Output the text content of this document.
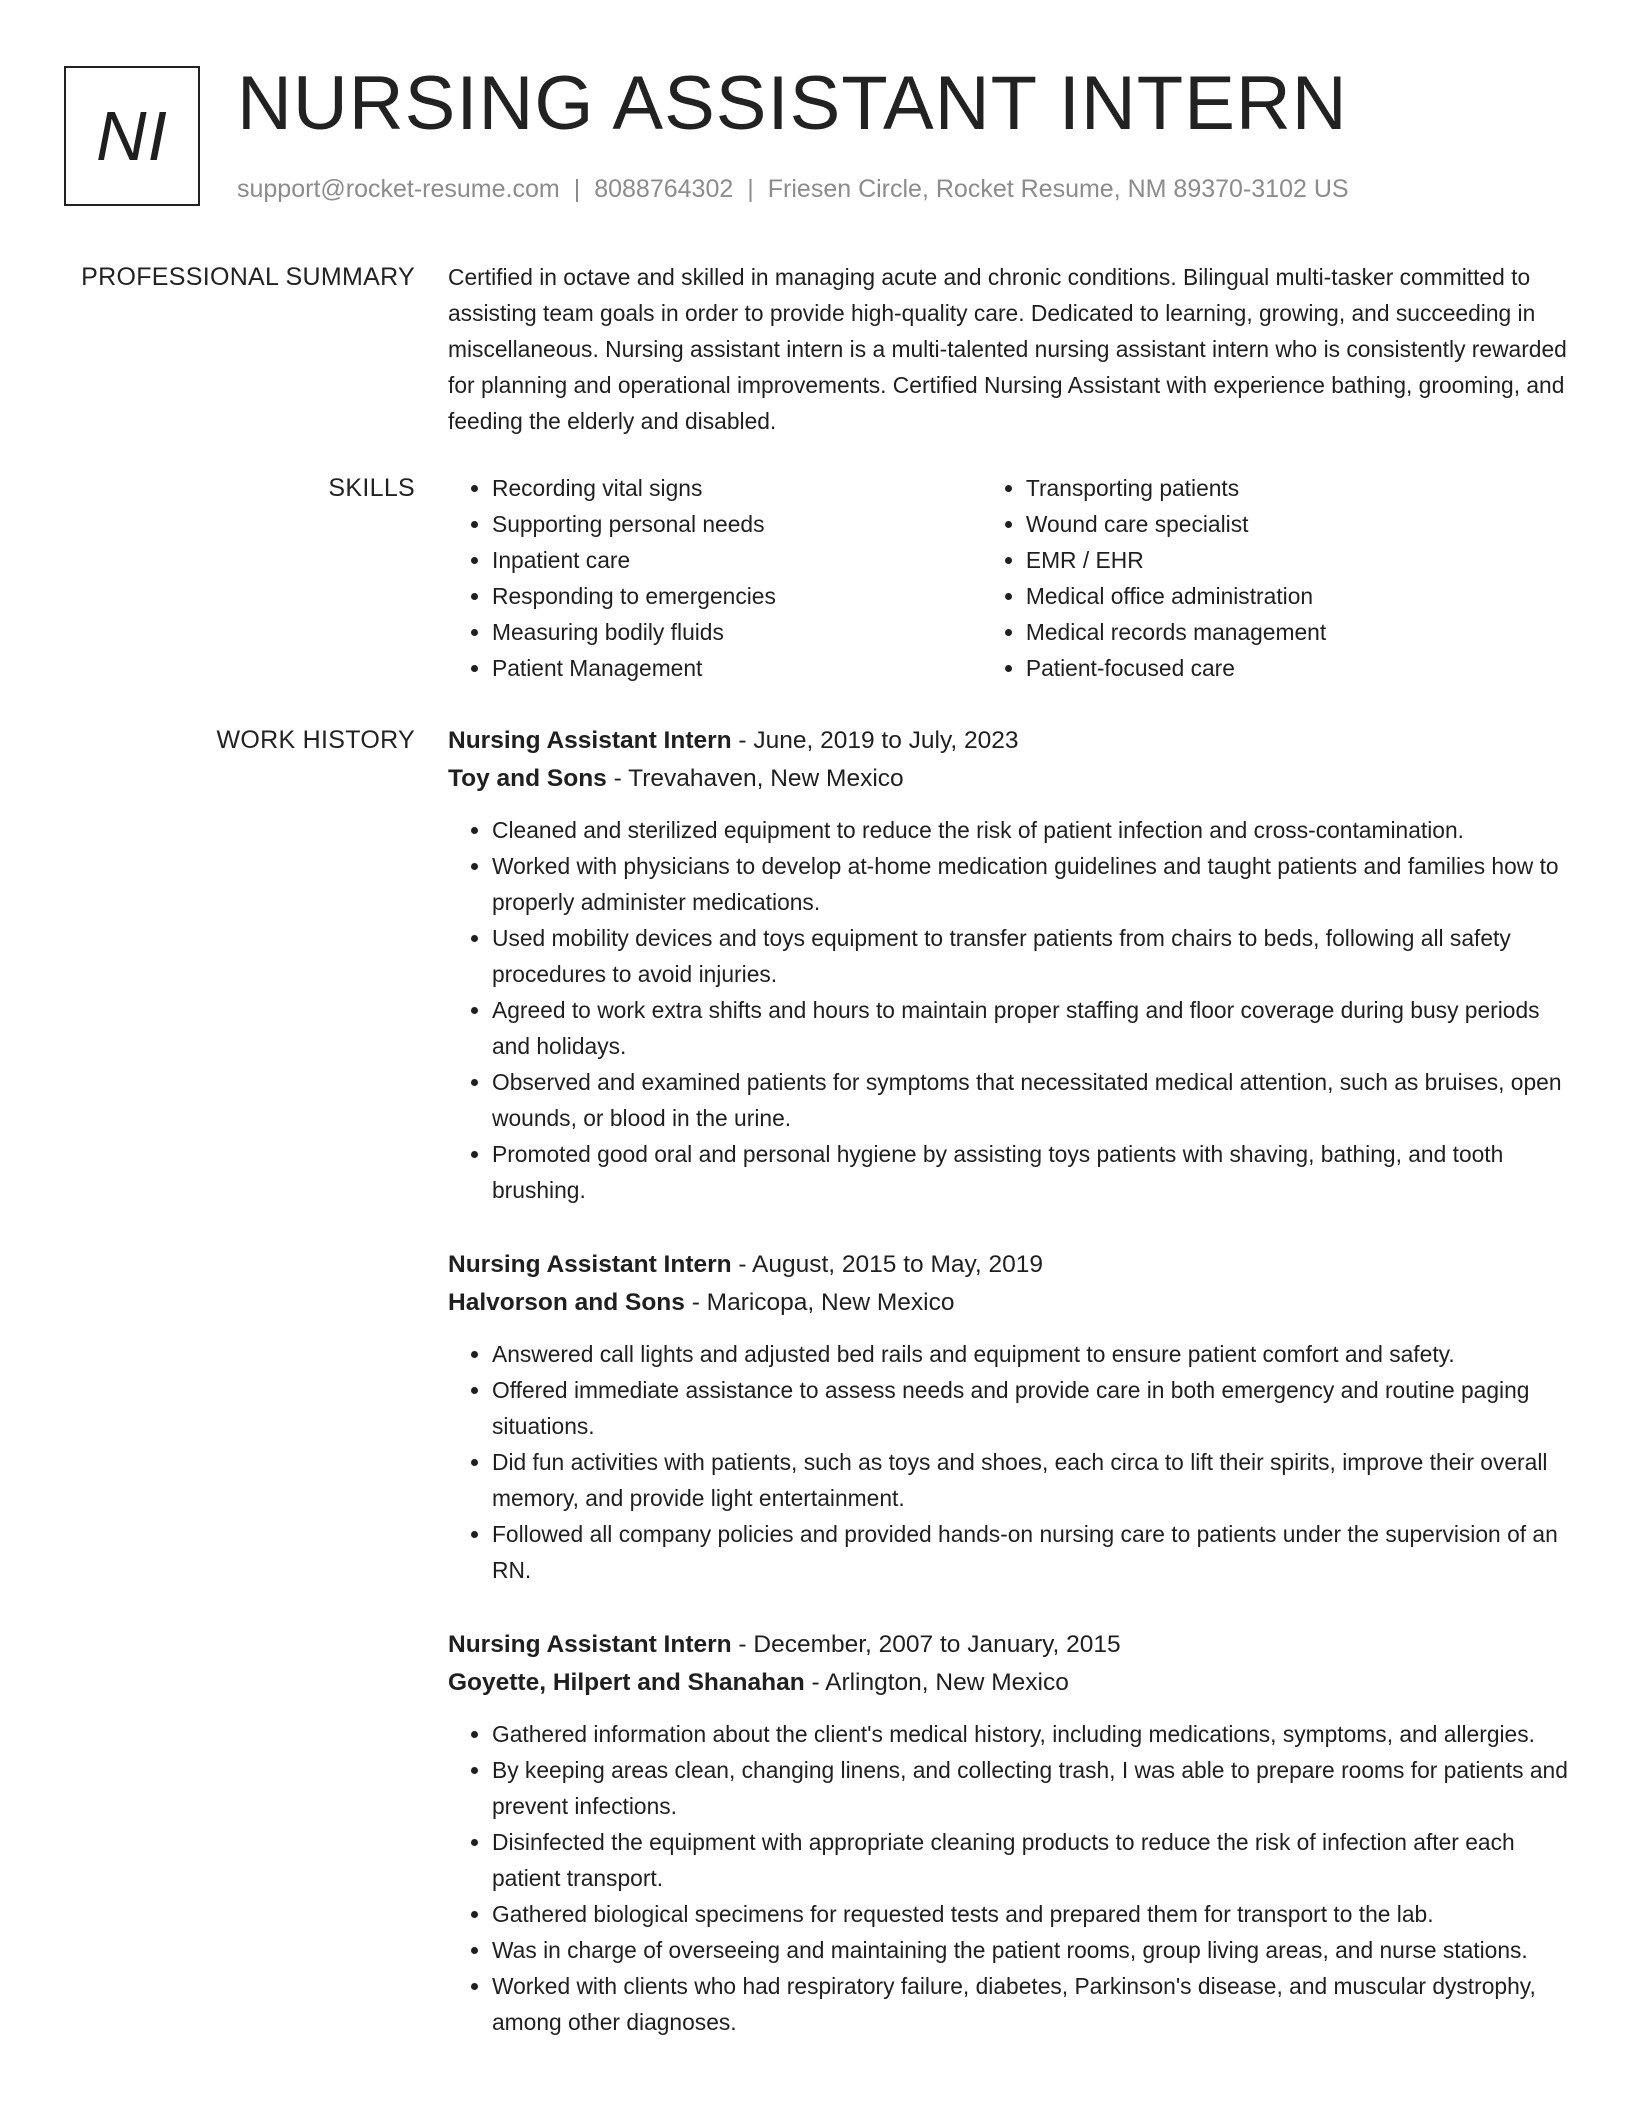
NI NURSING ASSISTANT INTERN
support@rocket-resume.com | 8088764302 | Friesen Circle, Rocket Resume, NM 89370-3102 US
PROFESSIONAL SUMMARY Certified in octave and skilled in managing acute and chronic conditions. Bilingual multi-tasker committed to assisting team goals in order to provide high-quality care. Dedicated to learning, growing, and succeeding in miscellaneous. Nursing assistant intern is a multi-talented nursing assistant intern who is consistently rewarded for planning and operational improvements. Certified Nursing Assistant with experience bathing, grooming, and feeding the elderly and disabled.

SKILLS
•	Recording vital signs
• Supporting personal needs
• Inpatient care
• Responding to emergencies
• Measuring bodily fluids
• Patient Management
• Transporting patients
• Wound care specialist
• EMR / EHR
• Medical office administration
• Medical records management
• Patient-focused care
WORK HISTORY Nursing Assistant Intern - June, 2019 to July, 2023
Toy and Sons - Trevahaven, New Mexico
• Cleaned and sterilized equipment to reduce the risk of patient infection and cross-contamination.
• Worked with physicians to develop at-home medication guidelines and taught patients and families how to properly administer medications.
• Used mobility devices and toys equipment to transfer patients from chairs to beds, following all safety procedures to avoid injuries.
• Agreed to work extra shifts and hours to maintain proper staffing and floor coverage during busy periods and holidays.
• Observed and examined patients for symptoms that necessitated medical attention, such as bruises, open wounds, or blood in the urine.
• Promoted good oral and personal hygiene by assisting toys patients with shaving, bathing, and tooth brushing.
Nursing Assistant Intern - August, 2015 to May, 2019
Halvorson and Sons - Maricopa, New Mexico
• Answered call lights and adjusted bed rails and equipment to ensure patient comfort and safety.
• Offered immediate assistance to assess needs and provide care in both emergency and routine paging situations.
• Did fun activities with patients, such as toys and shoes, each circa to lift their spirits, improve their overall memory, and provide light entertainment.
• Followed all company policies and provided hands-on nursing care to patients under the supervision of an RN.
Nursing Assistant Intern - December, 2007 to January, 2015
Goyette, Hilpert and Shanahan - Arlington, New Mexico
• Gathered information about the client's medical history, including medications, symptoms, and allergies.
• By keeping areas clean, changing linens, and collecting trash, I was able to prepare rooms for patients and prevent infections.
• Disinfected the equipment with appropriate cleaning products to reduce the risk of infection after each patient transport.
• Gathered biological specimens for requested tests and prepared them for transport to the lab.
• Was in charge of overseeing and maintaining the patient rooms, group living areas, and nurse stations.
• Worked with clients who had respiratory failure, diabetes, Parkinson's disease, and muscular dystrophy, among other diagnoses.
